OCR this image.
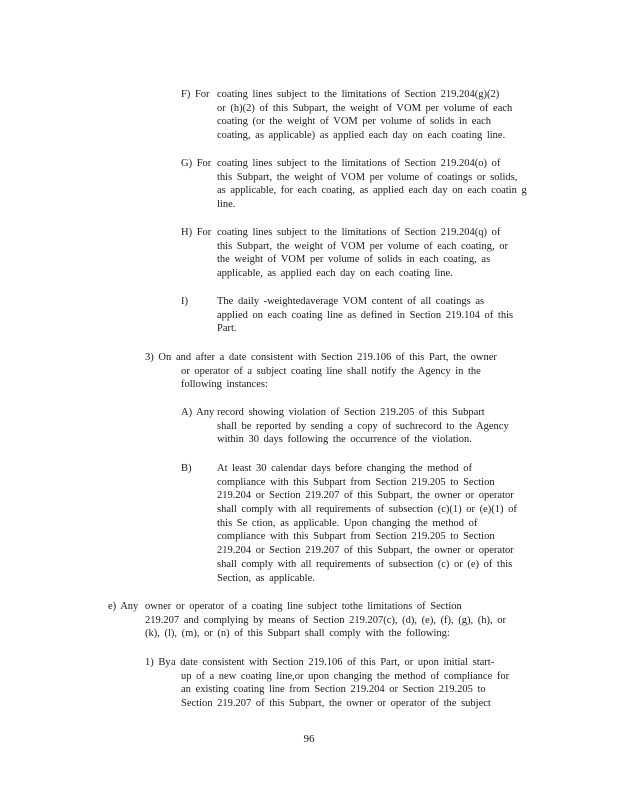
F) For coating lines subject to the limitations of Section 219.204(g)(2)
or (h)(2) of this Subpart, the weight of VOM per volume of each
coating (or the weight of VOM per volume of solids in each
coating, as applicable) as applied each day on each coating line.
G) For coating lines subject to the limitations of Section 219.204(o) of
this Subpart, the weight of VOM per volume of coatings or solids,
as applicable, for each coating, as applied each day on each coatin g
line.
H) For coating lines subject to the limitations of Section 219.204(q) of
this Subpart, the weight of VOM per volume of each coating, or
the weight of VOM per volume of solids in each coating, as
applicable, as applied each day on each coating line.
I)	The daily -weightedaverage VOM content of all coatings as
applied on each coating line as defined in Section 219.104 of this
Part.
3) On and after a date consistent with Section 219.106 of this Part, the owner
or operator of a subject coating line shall notify the Agency in the
following instances:
A) Any record showing violation of Section 219.205 of this Subpart
shall be reported by sending a copy of suchrecord to the Agency
within 30 days following the occurrence of the violation.
B) At least 30 calendar days before changing the method of
compliance with this Subpart from Section 219.205 to Section
219.204 or Section 219.207 of this Subpart, the owner or operator
shall comply with all requirements of subsection (c)(1) or (e)(1) of
this Se ction, as applicable. Upon changing the method of
compliance with this Subpart from Section 219.205 to Section
219.204 or Section 219.207 of this Subpart, the owner or operator
shall comply with all requirements of subsection (c) or (e) of this
Section, as applicable.
e) Any owner or operator of a coating line subject tothe limitations of Section
219.207 and complying by means of Section 219.207(c), (d), (e), (f), (g), (h), or
(k), (l), (m), or (n) of this Subpart shall comply with the following:
1) Bya date consistent with Section 219.106 of this Part, or upon initial start-
up of a new coating line,or upon changing the method of compliance for
an existing coating line from Section 219.204 or Section 219.205 to
Section 219.207 of this Subpart, the owner or operator of the subject
96
